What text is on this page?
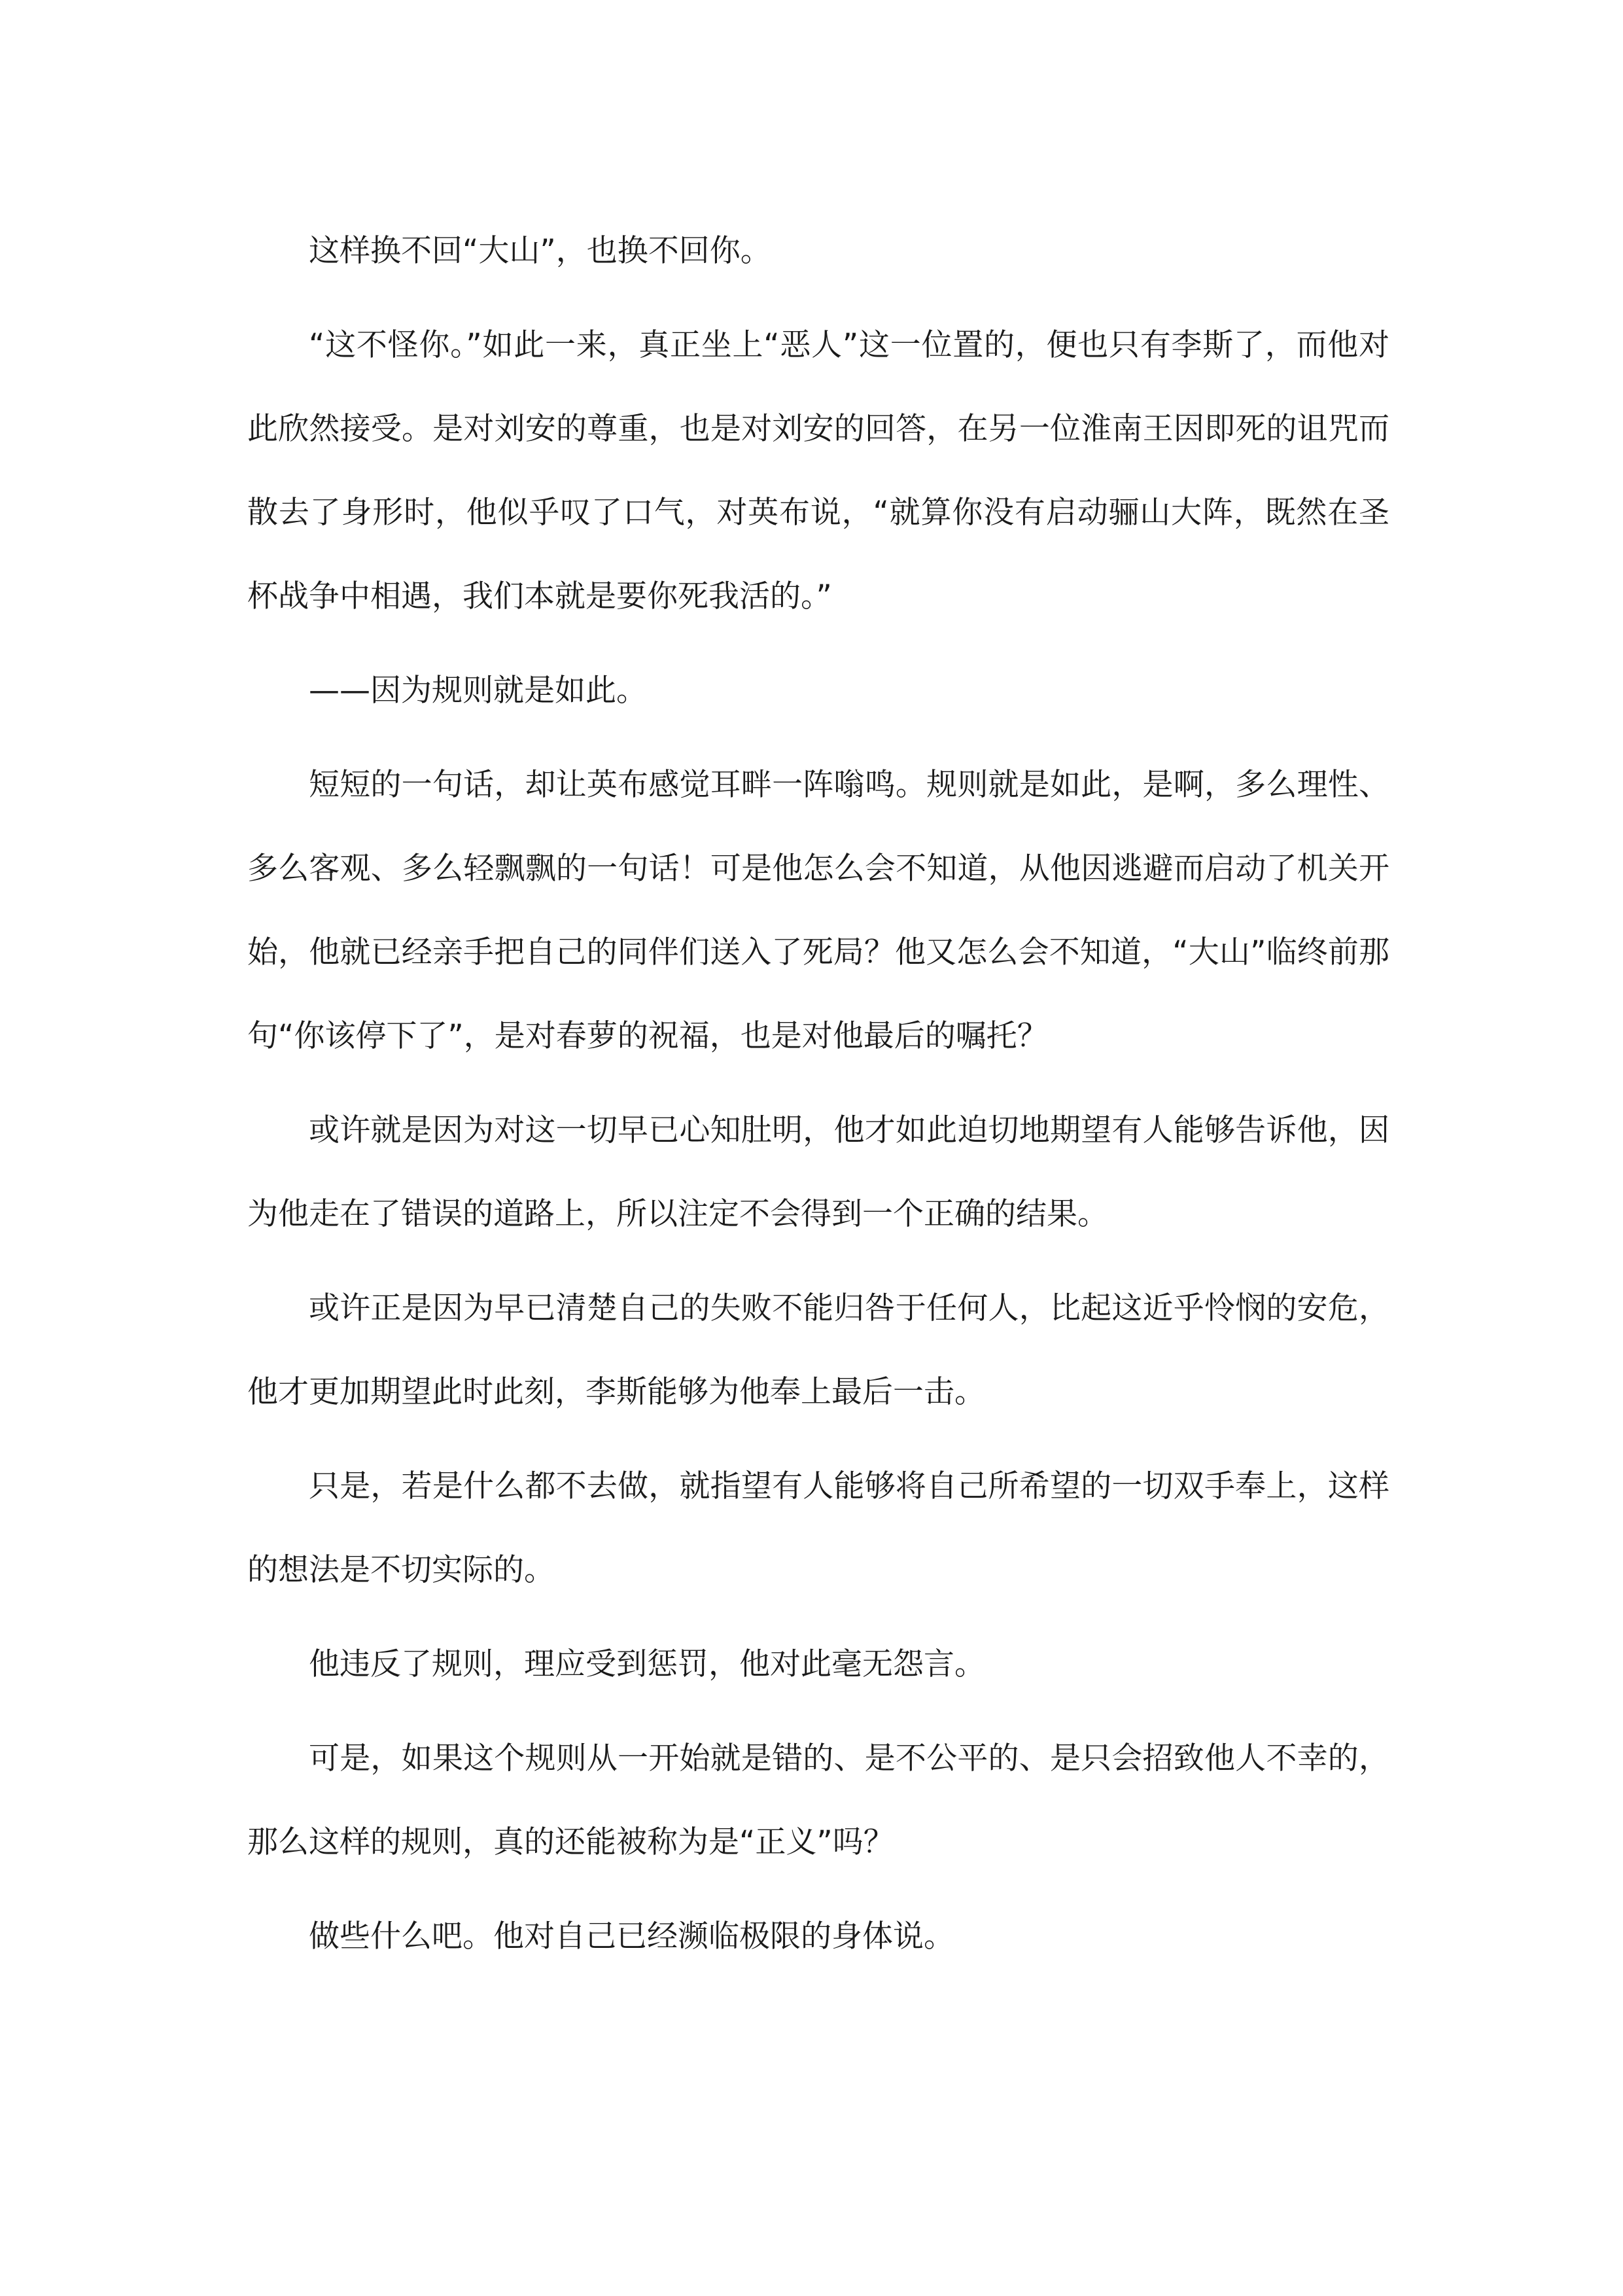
这样换不回“大山”，也换不回你。

“这不怪你。”如此一来，真正坐上“恶人”这一位置的，便也只有李斯了，而他对此欣然接受。是对刘安的尊重，也是对刘安的回答，在另一位淮南王因即死的诅咒而散去了身形时，他似乎叹了口气，对英布说，“就算你没有启动骊山大阵，既然在圣杯战争中相遇，我们本就是要你死我活的。”

——因为规则就是如此。

短短的一句话，却让英布感觉耳畔一阵嗡鸣。规则就是如此，是啊，多么理性、多么客观、多么轻飘飘的一句话！可是他怎么会不知道，从他因逃避而启动了机关开始，他就已经亲手把自己的同伴们送入了死局？他又怎么会不知道，“大山”临终前那句“你该停下了”，是对春萝的祝福，也是对他最后的嘱托？

或许就是因为对这一切早已心知肚明，他才如此迫切地期望有人能够告诉他，因为他走在了错误的道路上，所以注定不会得到一个正确的结果。

或许正是因为早已清楚自己的失败不能归咎于任何人，比起这近乎怜悯的安危，他才更加期望此时此刻，李斯能够为他奉上最后一击。

只是，若是什么都不去做，就指望有人能够将自己所希望的一切双手奉上，这样的想法是不切实际的。

他违反了规则，理应受到惩罚，他对此毫无怨言。

可是，如果这个规则从一开始就是错的、是不公平的、是只会招致他人不幸的，那么这样的规则，真的还能被称为是“正义”吗？

做些什么吧。他对自己已经濒临极限的身体说。
